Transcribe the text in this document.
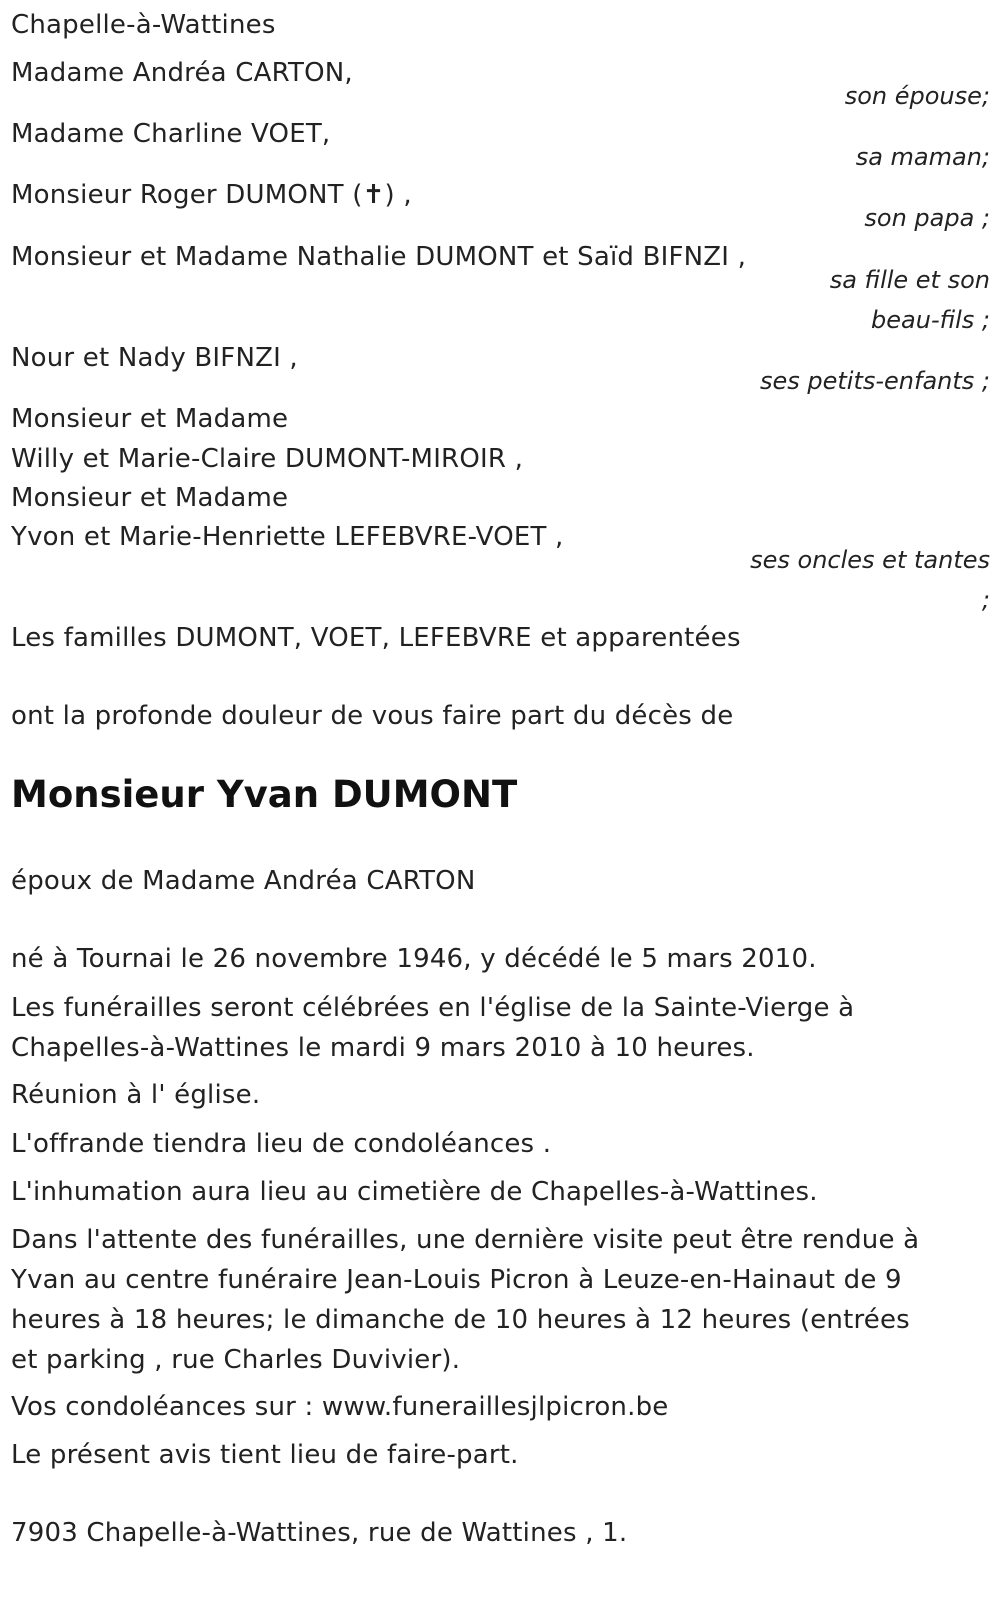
Chapelle-à-Wattines
Madame Andréa CARTON,
son épouse;
Madame Charline VOET,
sa maman;
Monsieur Roger DUMONT (✝) ,
son papa ;
Monsieur et Madame Nathalie DUMONT et Saïd BIFNZI ,
sa fille et son beau-fils ;
Nour et Nady BIFNZI ,
ses petits-enfants ;
Monsieur et Madame
Willy et Marie-Claire DUMONT-MIROIR ,
Monsieur et Madame
Yvon et Marie-Henriette LEFEBVRE-VOET ,
ses oncles et tantes ;
Les familles DUMONT, VOET, LEFEBVRE et apparentées
ont la profonde douleur de vous faire part du décès de
Monsieur Yvan DUMONT
époux de Madame Andréa CARTON
né à Tournai le 26 novembre 1946, y décédé le 5 mars 2010.
Les funérailles seront célébrées en l'église de la Sainte-Vierge à Chapelles-à-Wattines le mardi 9 mars 2010 à 10 heures.
Réunion à l' église.
L'offrande tiendra lieu de condoléances .
L'inhumation aura lieu au cimetière de Chapelles-à-Wattines.
Dans l'attente des funérailles, une dernière visite peut être rendue à Yvan au centre funéraire Jean-Louis Picron à Leuze-en-Hainaut de 9 heures à 18 heures; le dimanche de 10 heures à 12 heures (entrées et parking , rue Charles Duvivier).
Vos condoléances sur : www.funeraillesjlpicron.be
Le présent avis tient lieu de faire-part.
7903 Chapelle-à-Wattines, rue de Wattines , 1.
